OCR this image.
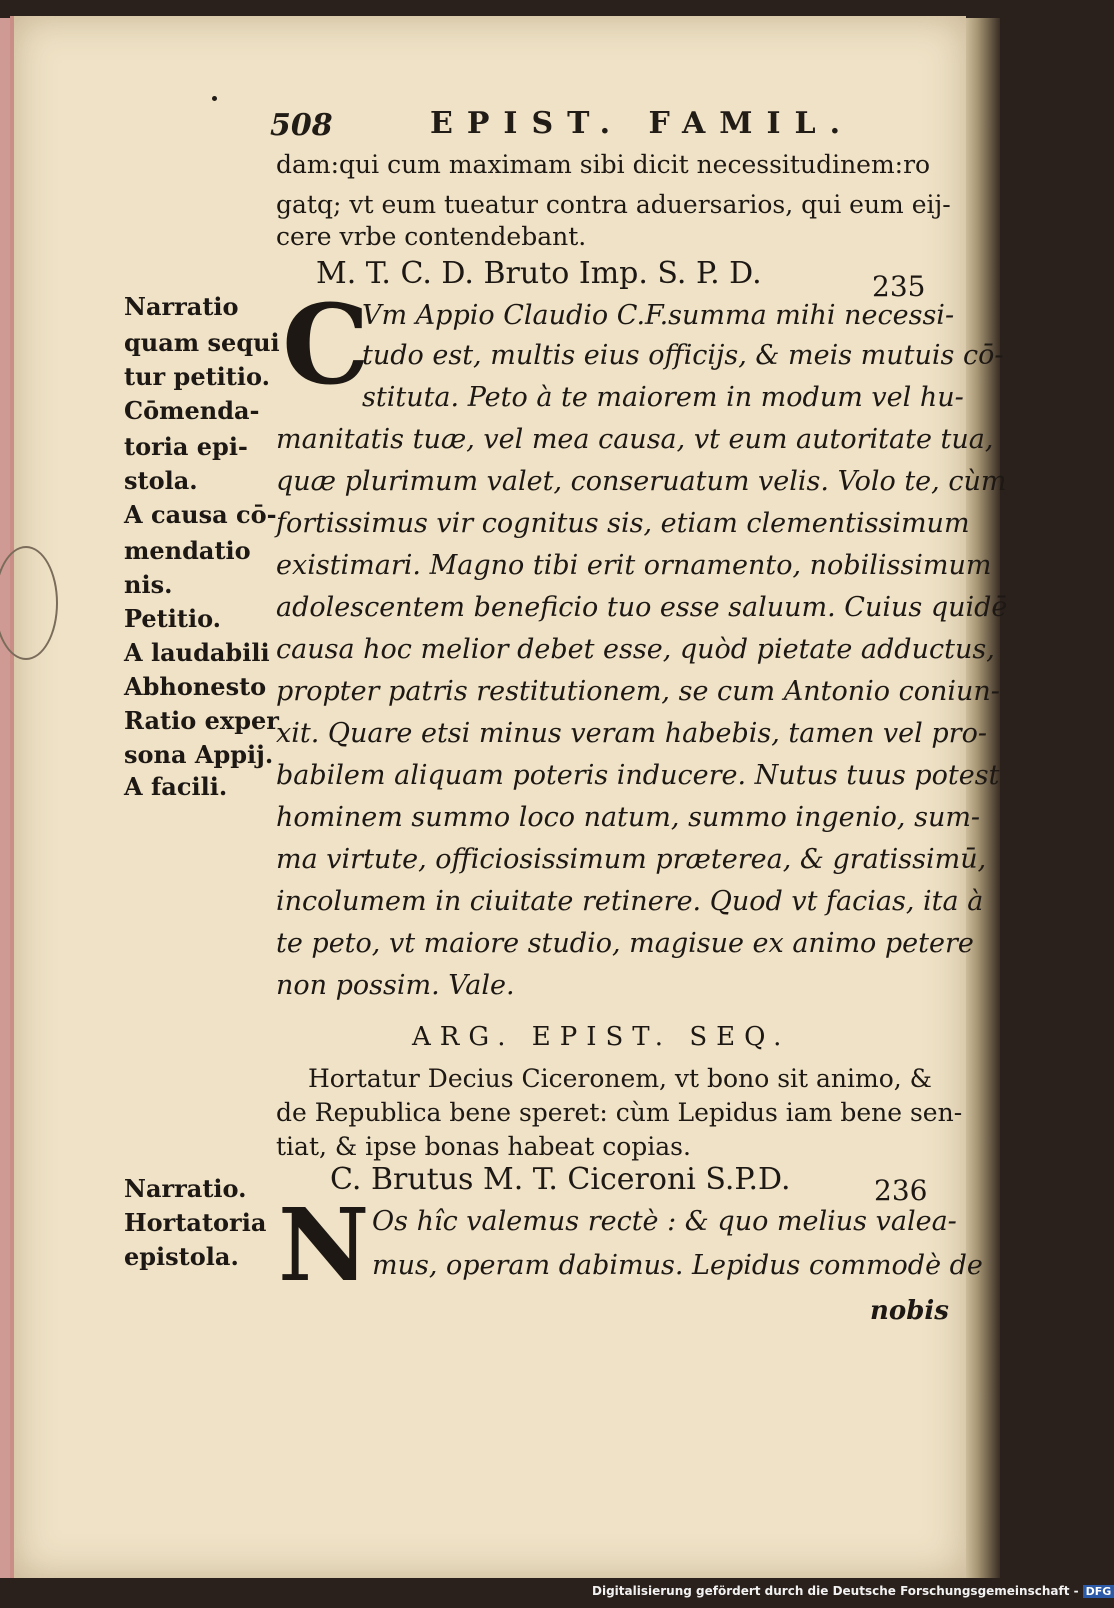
508	EPIST. FAMIL.
dam:qui cum maximam sibi dicit necessitudinem:ro
gatq; vt eum tueatur contra aduersarios, qui eum eij-
cere vrbe contendebant.
M. T. C. D. Bruto Imp. S. P. D.	235
C
Vm Appio Claudio C.F.summa mihi necessi-
tudo est, multis eius officijs, & meis mutuis cō-
stituta. Peto à te maiorem in modum vel hu-
manitatis tuæ, vel mea causa, vt eum autoritate tua,
quæ plurimum valet, conseruatum velis. Volo te, cùm
fortissimus vir cognitus sis, etiam clementissimum
existimari. Magno tibi erit ornamento, nobilissimum
adolescentem beneficio tuo esse saluum. Cuius quidē
causa hoc melior debet esse, quòd pietate adductus,
propter patris restitutionem, se cum Antonio coniun-
xit. Quare etsi minus veram habebis, tamen vel pro-
babilem aliquam poteris inducere. Nutus tuus potest
hominem summo loco natum, summo ingenio, sum-
ma virtute, officiosissimum præterea, & gratissimū,
incolumem in ciuitate retinere. Quod vt facias, ita à
te peto, vt maiore studio, magisue ex animo petere
non possim. Vale.
Narratio
quam sequi
tur petitio.
Cōmenda-
toria epi-
stola.
A causa cō-
mendatio
nis.
Petitio.
A laudabili
Abhonesto
Ratio exper
sona Appij.
A facili.
ARG. EPIST. SEQ.
Hortatur Decius Ciceronem, vt bono sit animo, &
de Republica bene speret: cùm Lepidus iam bene sen-
tiat, & ipse bonas habeat copias.
C. Brutus M. T. Ciceroni S.P.D.	236
N Os hîc valemus rectè : & quo melius valea-
mus, operam dabimus. Lepidus commodè de
nobis
Narratio.
Hortatoria
epistola.
Digitalisierung gefördert durch die Deutsche Forschungsgemeinschaft - DFG
